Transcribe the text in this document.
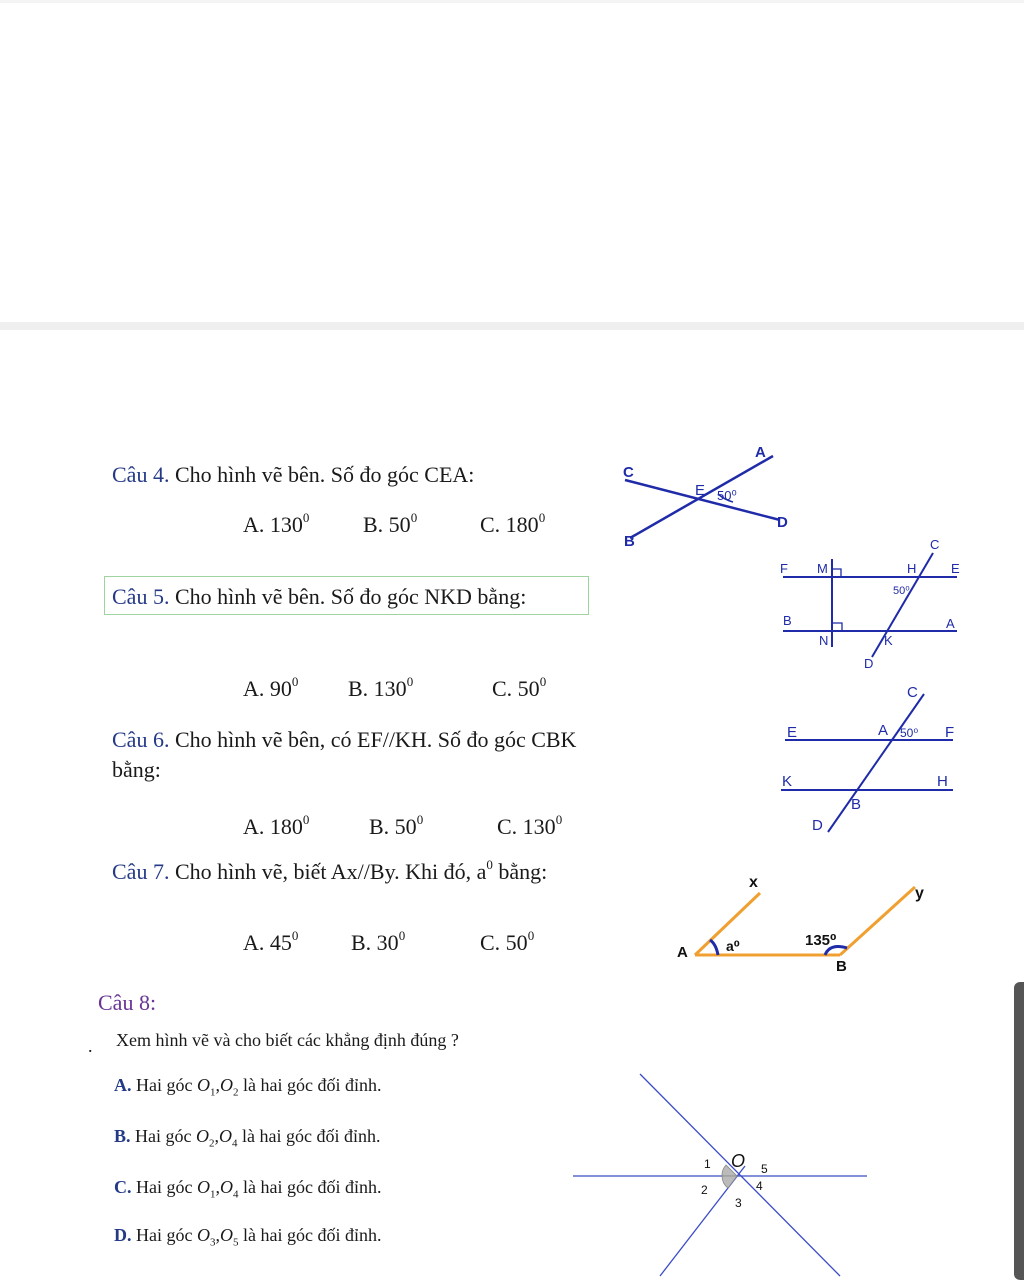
Câu 4. Cho hình vẽ bên. Số đo góc CEA:
A. $130^0$ B. $50^0$	C. $180^0$
A
C
E 50⁰
D
B
Câu 5. Cho hình vẽ bên. Số đo góc NKD bằng:
A. $90^0$ B. $130^0$	C. $50^0$
C
F M	H	E
50⁰
B	A
N	K
D
Câu 6. Cho hình vẽ bên, có EF//KH. Số đo góc CBK
bằng:
A. $180^0$	B. $50^0$	C. $130^0$
C
E	A 50⁰ F
K	H
B
D
Câu 7. Cho hình vẽ, biết Ax//By. Khi đó, $a^0$ bằng:
A. $45^0$ B. $30^0$	C. $50^0$
x
y
A	a⁰	135⁰
B
Câu 8:
. Xem hình vẽ và cho biết các khẳng định đúng ?
A. Hai góc $O_1,O_2$ là hai góc đối đỉnh.
B. Hai góc $O_2,O_4$ là hai góc đối đỉnh.
C. Hai góc $O_1,O_4$ là hai góc đối đỉnh.
D. Hai góc $O_3,O_5$ là hai góc đối đỉnh.
O
1
2
3
4
5
